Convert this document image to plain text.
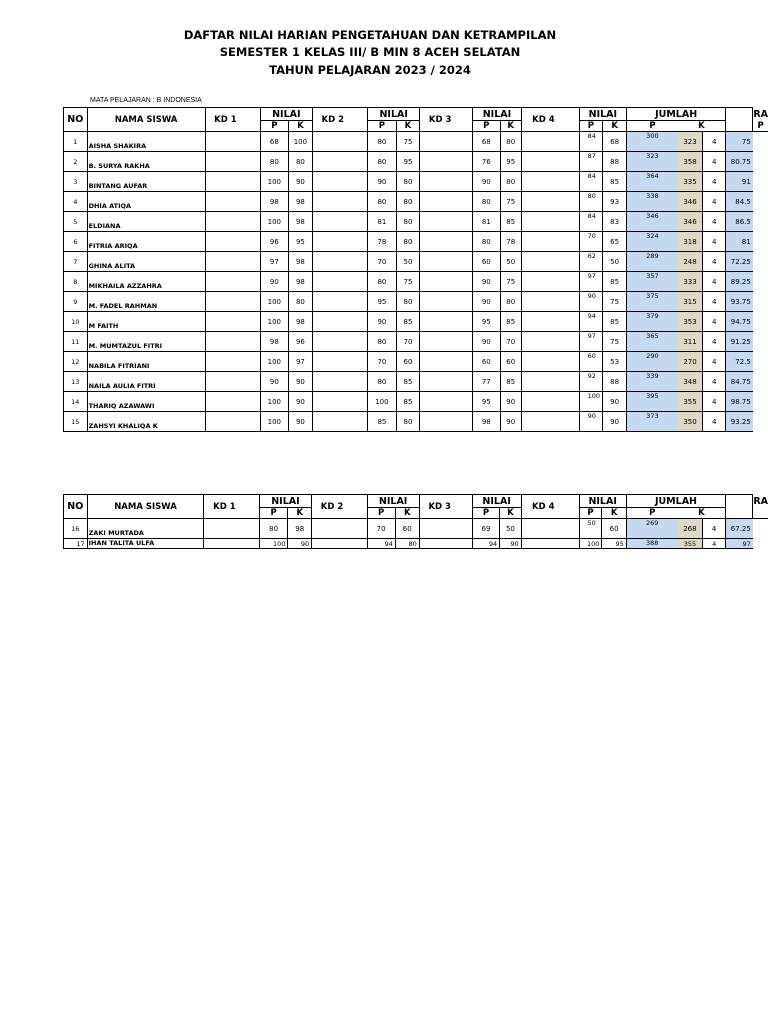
DAFTAR NILAI HARIAN PENGETAHUAN DAN KETRAMPILAN
SEMESTER 1 KELAS III/ B MIN 8 ACEH SELATAN
TAHUN PELAJARAN 2023 / 2024
MATA PELAJARAN : B INDONESIA
NO	NAMA SISWA	KD 1		NILAI		KD 2		NILAI		KD 3		NILAI		KD 4		NILAI		JUMLAH				RA
				P	K			P	K			P	K			P	K	P	K			P
1	AISHA SHAKIRA			68	100			80	75			68	80			84	68	300	323	4	75	
2	B. SURYA RAKHA			80	80			80	95			76	95			87	88	323	358	4	80.75	
3	BINTANG AUFAR			100	90			90	80			90	80			84	85	364	335	4	91	
4	DHIA ATIQA			98	98			80	80			80	75			80	93	338	346	4	84.5	
5	ELDIANA			100	98			81	80			81	85			84	83	346	346	4	86.5	
6	FITRIA ARIQA			96	95			78	80			80	78			70	65	324	318	4	81	
7	GHINA ALITA			97	98			70	50			60	50			62	50	289	248	4	72.25	
8	MIKHAILA AZZAHRA			90	98			80	75			90	75			97	85	357	333	4	89.25	
9	M. FADEL RAHMAN			100	80			95	80			90	80			90	75	375	315	4	93.75	
10	M FAITH			100	98			90	85			95	85			94	85	379	353	4	94.75	
11	M. MUMTAZUL FITRI			98	96			80	70			90	70			97	75	365	311	4	91.25	
12	NABILA FITRIANI			100	97			70	60			60	60			60	53	290	270	4	72.5	
13	NAILA AULIA FITRI			90	90			80	85			77	85			92	88	339	348	4	84.75	
14	THARIQ AZAWAWI			100	90			100	85			95	90			100	90	395	355	4	98.75	
15	ZAHSYI KHALIQA K			100	90			85	80			98	90			90	90	373	350	4	93.25	
NO	NAMA SISWA	KD 1		NILAI		KD 2		NILAI		KD 3		NILAI		KD 4		NILAI		JUMLAH				RA
				P	K			P	K			P	K			P	K	P	K			
16	ZAKI MURTADA			80	98			70	60			69	50			50	60	269	268	4	67.25	
17	IHAN TALITA ULFA			100	90			94	80			94	90			100	95	388	355	4	97	
